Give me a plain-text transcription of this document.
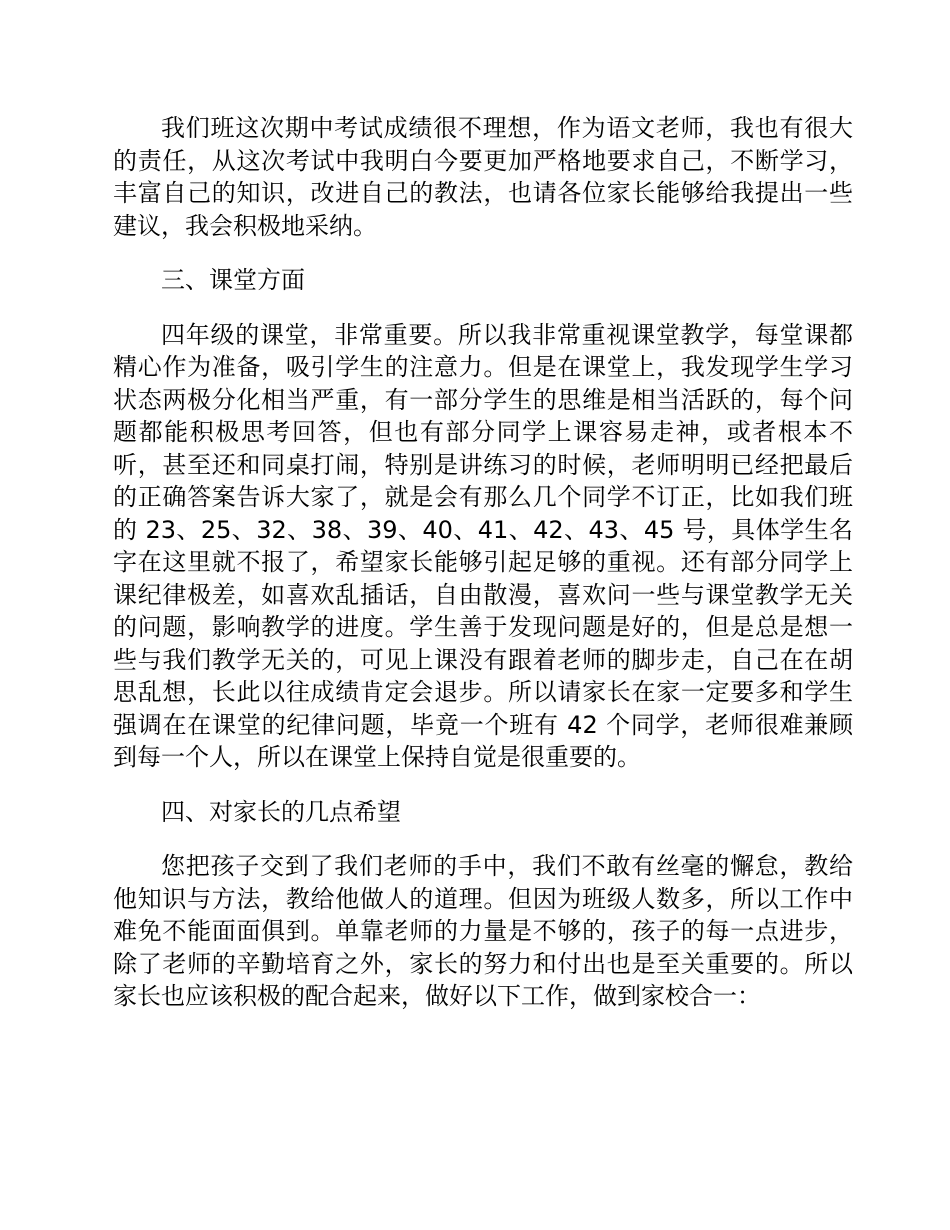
我们班这次期中考试成绩很不理想，作为语文老师，我也有很大的责任，从这次考试中我明白今要更加严格地要求自己，不断学习，丰富自己的知识，改进自己的教法，也请各位家长能够给我提出一些建议，我会积极地采纳。

三、课堂方面

四年级的课堂，非常重要。所以我非常重视课堂教学，每堂课都精心作为准备，吸引学生的注意力。但是在课堂上，我发现学生学习状态两极分化相当严重，有一部分学生的思维是相当活跃的，每个问题都能积极思考回答，但也有部分同学上课容易走神，或者根本不听，甚至还和同桌打闹，特别是讲练习的时候，老师明明已经把最后的正确答案告诉大家了，就是会有那么几个同学不订正，比如我们班的 23、25、32、38、39、40、41、42、43、45 号，具体学生名字在这里就不报了，希望家长能够引起足够的重视。还有部分同学上课纪律极差，如喜欢乱插话，自由散漫，喜欢问一些与课堂教学无关的问题，影响教学的进度。学生善于发现问题是好的，但是总是想一些与我们教学无关的，可见上课没有跟着老师的脚步走，自己在在胡思乱想，长此以往成绩肯定会退步。所以请家长在家一定要多和学生强调在在课堂的纪律问题，毕竟一个班有 42 个同学，老师很难兼顾到每一个人，所以在课堂上保持自觉是很重要的。

四、对家长的几点希望

您把孩子交到了我们老师的手中，我们不敢有丝毫的懈怠，教给他知识与方法，教给他做人的道理。但因为班级人数多，所以工作中难免不能面面俱到。单靠老师的力量是不够的，孩子的每一点进步，除了老师的辛勤培育之外，家长的努力和付出也是至关重要的。所以家长也应该积极的配合起来，做好以下工作，做到家校合一：
